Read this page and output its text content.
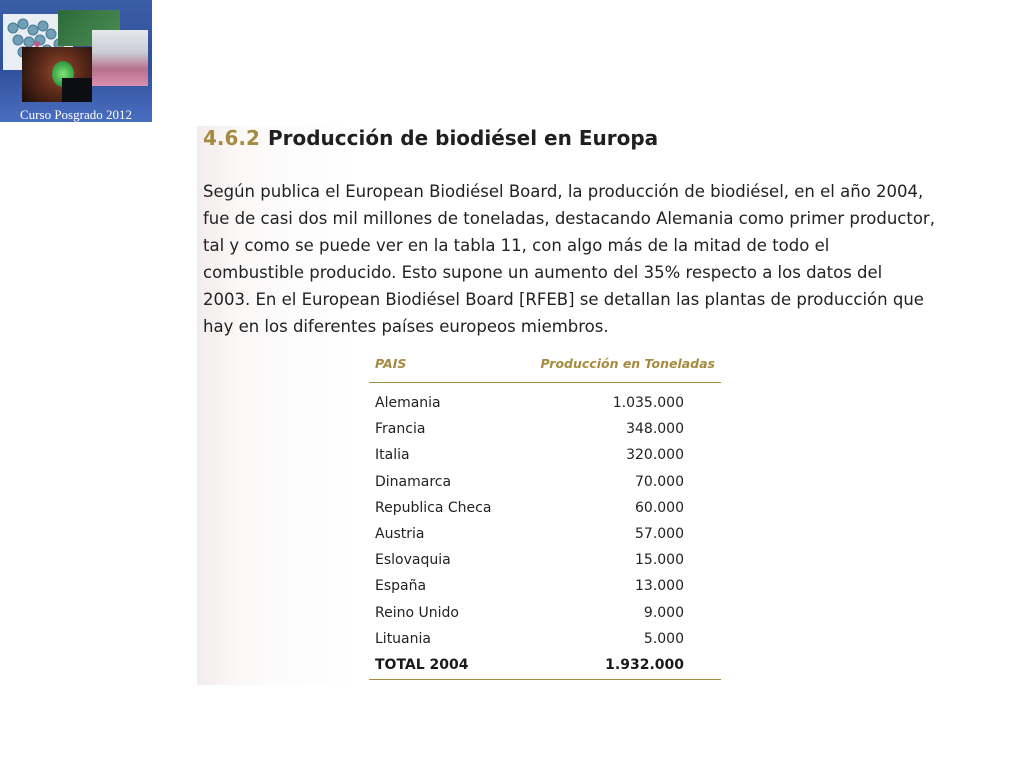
Curso Posgrado 2012
4.6.2 Producción de biodiésel en Europa
Según publica el European Biodiésel Board, la producción de biodiésel, en el año 2004,
fue de casi dos mil millones de toneladas, destacando Alemania como primer productor,
tal y como se puede ver en la tabla 11, con algo más de la mitad de todo el
combustible producido. Esto supone un aumento del 35% respecto a los datos del
2003. En el European Biodiésel Board [RFEB] se detallan las plantas de producción que
hay en los diferentes países europeos miembros.
PAIS	Producción en Toneladas
Alemania	1.035.000
Francia	348.000
Italia	320.000
Dinamarca	70.000
Republica Checa	60.000
Austria	57.000
Eslovaquia	15.000
España	13.000
Reino Unido	9.000
Lituania	5.000
TOTAL 2004	1.932.000
